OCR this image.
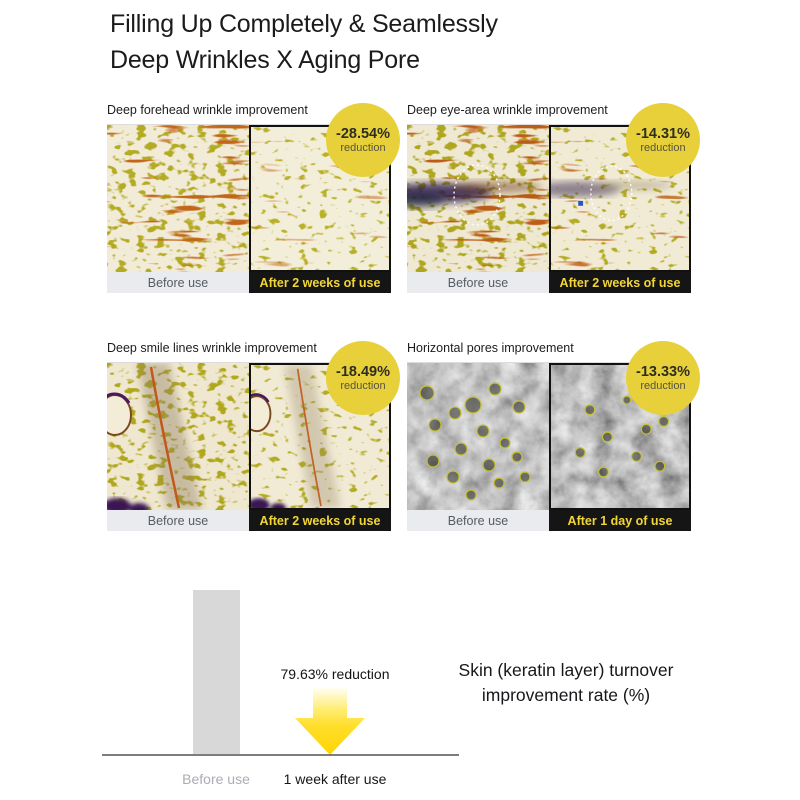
Filling Up Completely & Seamlessly
Deep Wrinkles X Aging Pore
Deep forehead wrinkle improvement
Before use	After 2 weeks of use
Deep eye-area wrinkle improvement
Before use	After 2 weeks of use
Deep smile lines wrinkle improvement
Before use	After 2 weeks of use
Horizontal pores improvement
Before use	After 1 day of use
-28.54%
reduction
-14.31%
reduction
-18.49%
reduction
-13.33%
reduction
79.63% reduction
Before use	1 week after use
Skin (keratin layer) turnover
improvement rate (%)
